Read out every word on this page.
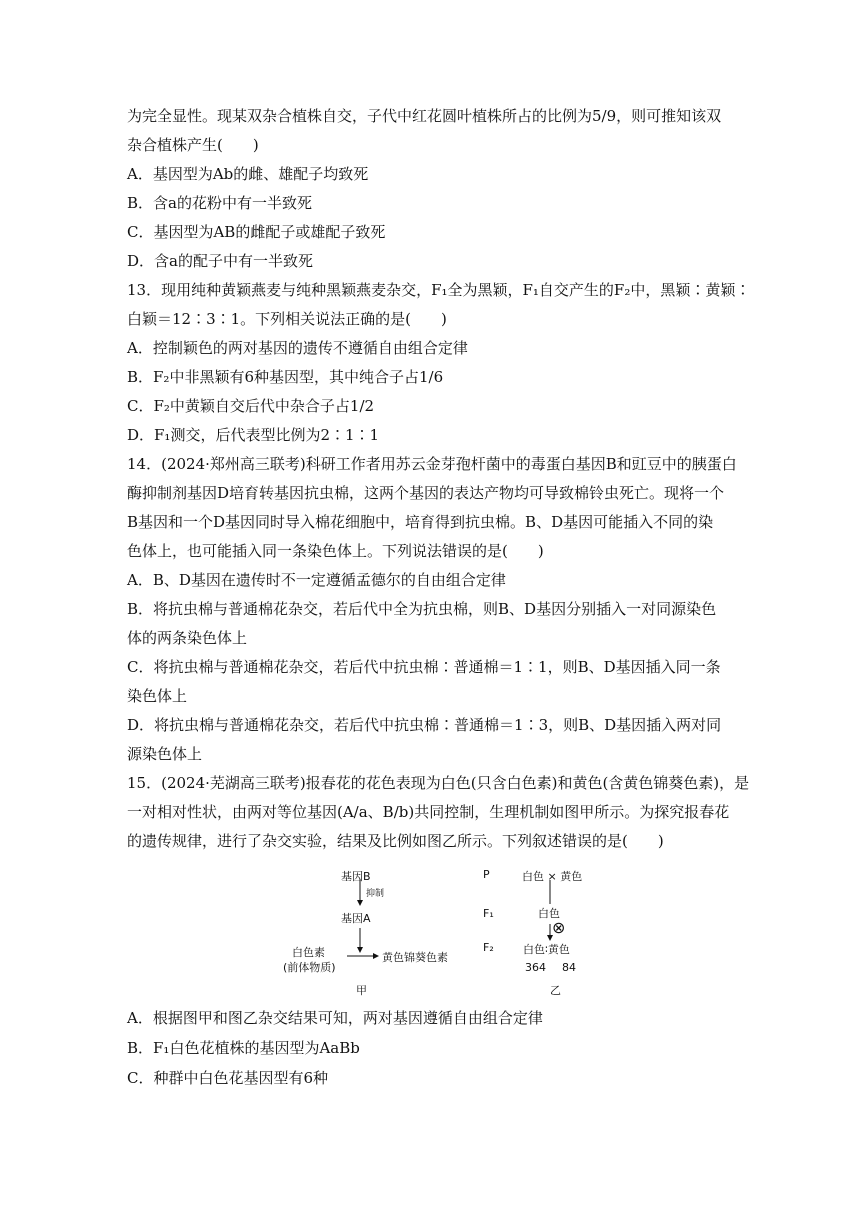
为完全显性。现某双杂合植株自交，子代中红花圆叶植株所占的比例为5/9，则可推知该双
杂合植株产生(　　)
A．基因型为Ab的雌、雄配子均致死
B．含a的花粉中有一半致死
C．基因型为AB的雌配子或雄配子致死
D．含a的配子中有一半致死
13．现用纯种黄颖燕麦与纯种黑颖燕麦杂交，F₁全为黑颖，F₁自交产生的F₂中，黑颖∶黄颖∶
白颖＝12∶3∶1。下列相关说法正确的是(　　)
A．控制颖色的两对基因的遗传不遵循自由组合定律
B．F₂中非黑颖有6种基因型，其中纯合子占1/6
C．F₂中黄颖自交后代中杂合子占1/2
D．F₁测交，后代表型比例为2∶1∶1
14．(2024·郑州高三联考)科研工作者用苏云金芽孢杆菌中的毒蛋白基因B和豇豆中的胰蛋白
酶抑制剂基因D培育转基因抗虫棉，这两个基因的表达产物均可导致棉铃虫死亡。现将一个
B基因和一个D基因同时导入棉花细胞中，培育得到抗虫棉。B、D基因可能插入不同的染
色体上，也可能插入同一条染色体上。下列说法错误的是(　　)
A．B、D基因在遗传时不一定遵循孟德尔的自由组合定律
B．将抗虫棉与普通棉花杂交，若后代中全为抗虫棉，则B、D基因分别插入一对同源染色
体的两条染色体上
C．将抗虫棉与普通棉花杂交，若后代中抗虫棉∶普通棉＝1∶1，则B、D基因插入同一条
染色体上
D．将抗虫棉与普通棉花杂交，若后代中抗虫棉∶普通棉＝1∶3，则B、D基因插入两对同
源染色体上
15．(2024·芜湖高三联考)报春花的花色表现为白色(只含白色素)和黄色(含黄色锦葵色素)，是
一对相对性状，由两对等位基因(A/a、B/b)共同控制，生理机制如图甲所示。为探究报春花
的遗传规律，进行了杂交实验，结果及比例如图乙所示。下列叙述错误的是(　　)
基因B
抑制
基因A
白色素
(前体物质)
黄色锦葵色素
甲
P	白色 × 黄色
F₁	白色
⊗
F₂	白色∶黄色
364 84
乙
A．根据图甲和图乙杂交结果可知，两对基因遵循自由组合定律
B．F₁白色花植株的基因型为AaBb
C．种群中白色花基因型有6种
